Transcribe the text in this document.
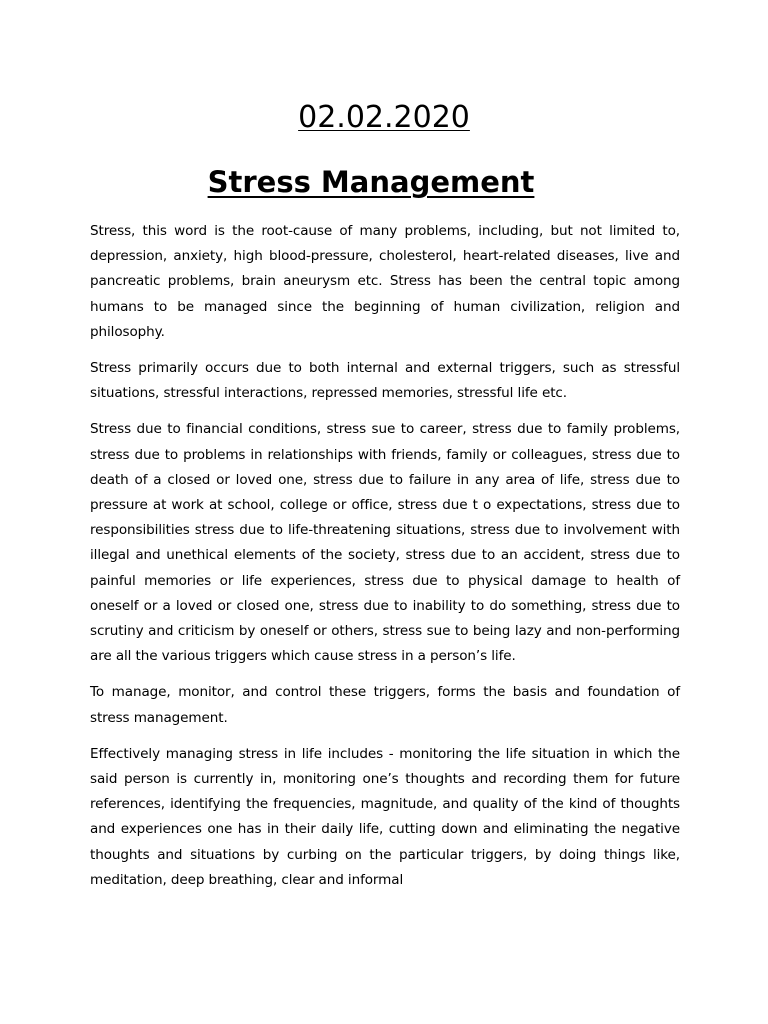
02.02.2020
Stress Management

Stress, this word is the root-cause of many problems, including, but not limited to, depression, anxiety, high blood-pressure, cholesterol, heart-related diseases, live and pancreatic problems, brain aneurysm etc. Stress has been the central topic among humans to be managed since the beginning of human civilization, religion and philosophy.

Stress primarily occurs due to both internal and external triggers, such as stressful situations, stressful interactions, repressed memories, stressful life etc.

Stress due to financial conditions, stress sue to career, stress due to family problems, stress due to problems in relationships with friends, family or colleagues, stress due to death of a closed or loved one, stress due to failure in any area of life, stress due to pressure at work at school, college or office, stress due t o expectations, stress due to responsibilities stress due to life-threatening situations, stress due to involvement with illegal and unethical elements of the society, stress due to an accident, stress due to painful memories or life experiences, stress due to physical damage to health of oneself or a loved or closed one, stress due to inability to do something, stress due to scrutiny and criticism by oneself or others, stress sue to being lazy and non-performing are all the various triggers which cause stress in a person’s life.

To manage, monitor, and control these triggers, forms the basis and foundation of stress management.

Effectively managing stress in life includes - monitoring the life situation in which the said person is currently in, monitoring one’s thoughts and recording them for future references, identifying the frequencies, magnitude, and quality of the kind of thoughts and experiences one has in their daily life, cutting down and eliminating the negative thoughts and situations by curbing on the particular triggers, by doing things like, meditation, deep breathing, clear and informal
